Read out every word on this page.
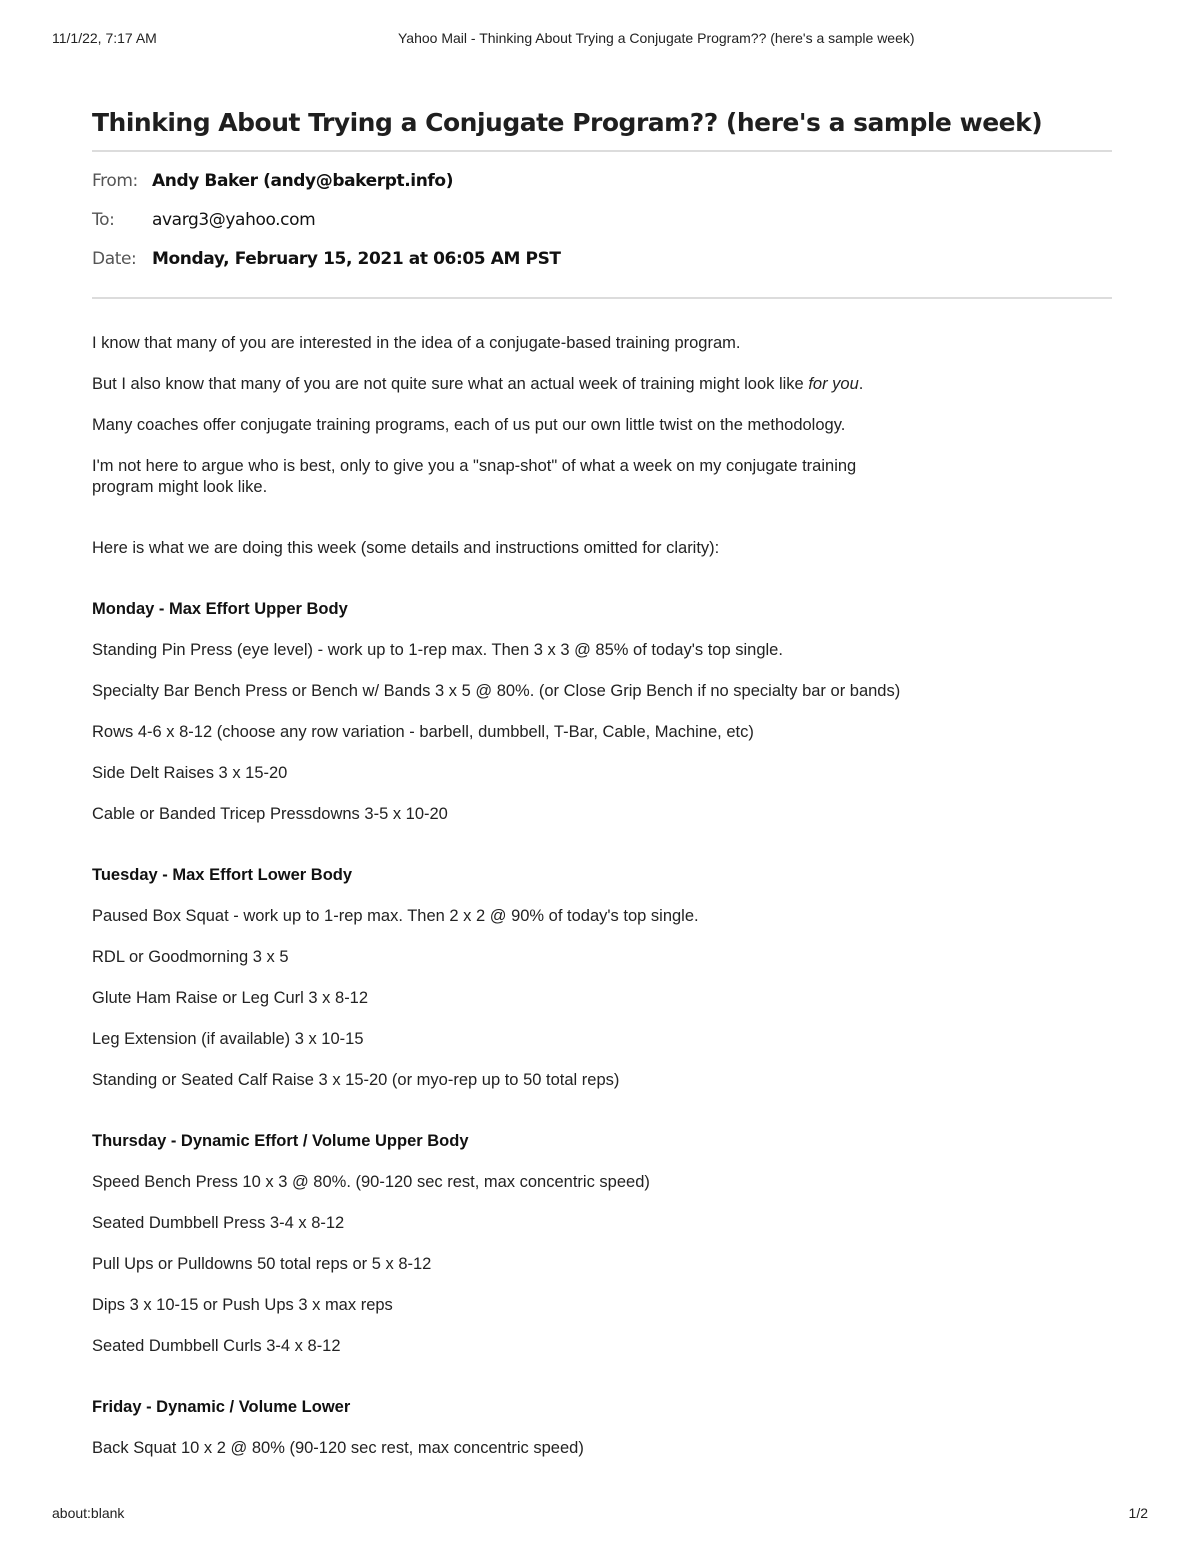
11/1/22, 7:17 AM	Yahoo Mail - Thinking About Trying a Conjugate Program?? (here's a sample week)
Thinking About Trying a Conjugate Program?? (here's a sample week)
From: Andy Baker (andy@bakerpt.info)
To:	avarg3@yahoo.com
Date: Monday, February 15, 2021 at 06:05 AM PST

I know that many of you are interested in the idea of a conjugate-based training program.

But I also know that many of you are not quite sure what an actual week of training might look like for you.

Many coaches offer conjugate training programs, each of us put our own little twist on the methodology.

I'm not here to argue who is best, only to give you a "snap-shot" of what a week on my conjugate training program might look like.

Here is what we are doing this week (some details and instructions omitted for clarity):

Monday - Max Effort Upper Body
Standing Pin Press (eye level) - work up to 1-rep max. Then 3 x 3 @ 85% of today's top single.
Specialty Bar Bench Press or Bench w/ Bands 3 x 5 @ 80%. (or Close Grip Bench if no specialty bar or bands)
Rows 4-6 x 8-12 (choose any row variation - barbell, dumbbell, T-Bar, Cable, Machine, etc)
Side Delt Raises 3 x 15-20
Cable or Banded Tricep Pressdowns 3-5 x 10-20
Tuesday - Max Effort Lower Body
Paused Box Squat - work up to 1-rep max. Then 2 x 2 @ 90% of today's top single.
RDL or Goodmorning 3 x 5
Glute Ham Raise or Leg Curl 3 x 8-12
Leg Extension (if available) 3 x 10-15
Standing or Seated Calf Raise 3 x 15-20 (or myo-rep up to 50 total reps)
Thursday - Dynamic Effort / Volume Upper Body
Speed Bench Press 10 x 3 @ 80%. (90-120 sec rest, max concentric speed)
Seated Dumbbell Press 3-4 x 8-12
Pull Ups or Pulldowns 50 total reps or 5 x 8-12
Dips 3 x 10-15 or Push Ups 3 x max reps
Seated Dumbbell Curls 3-4 x 8-12
Friday - Dynamic / Volume Lower
Back Squat 10 x 2 @ 80% (90-120 sec rest, max concentric speed)
about:blank	1/2
